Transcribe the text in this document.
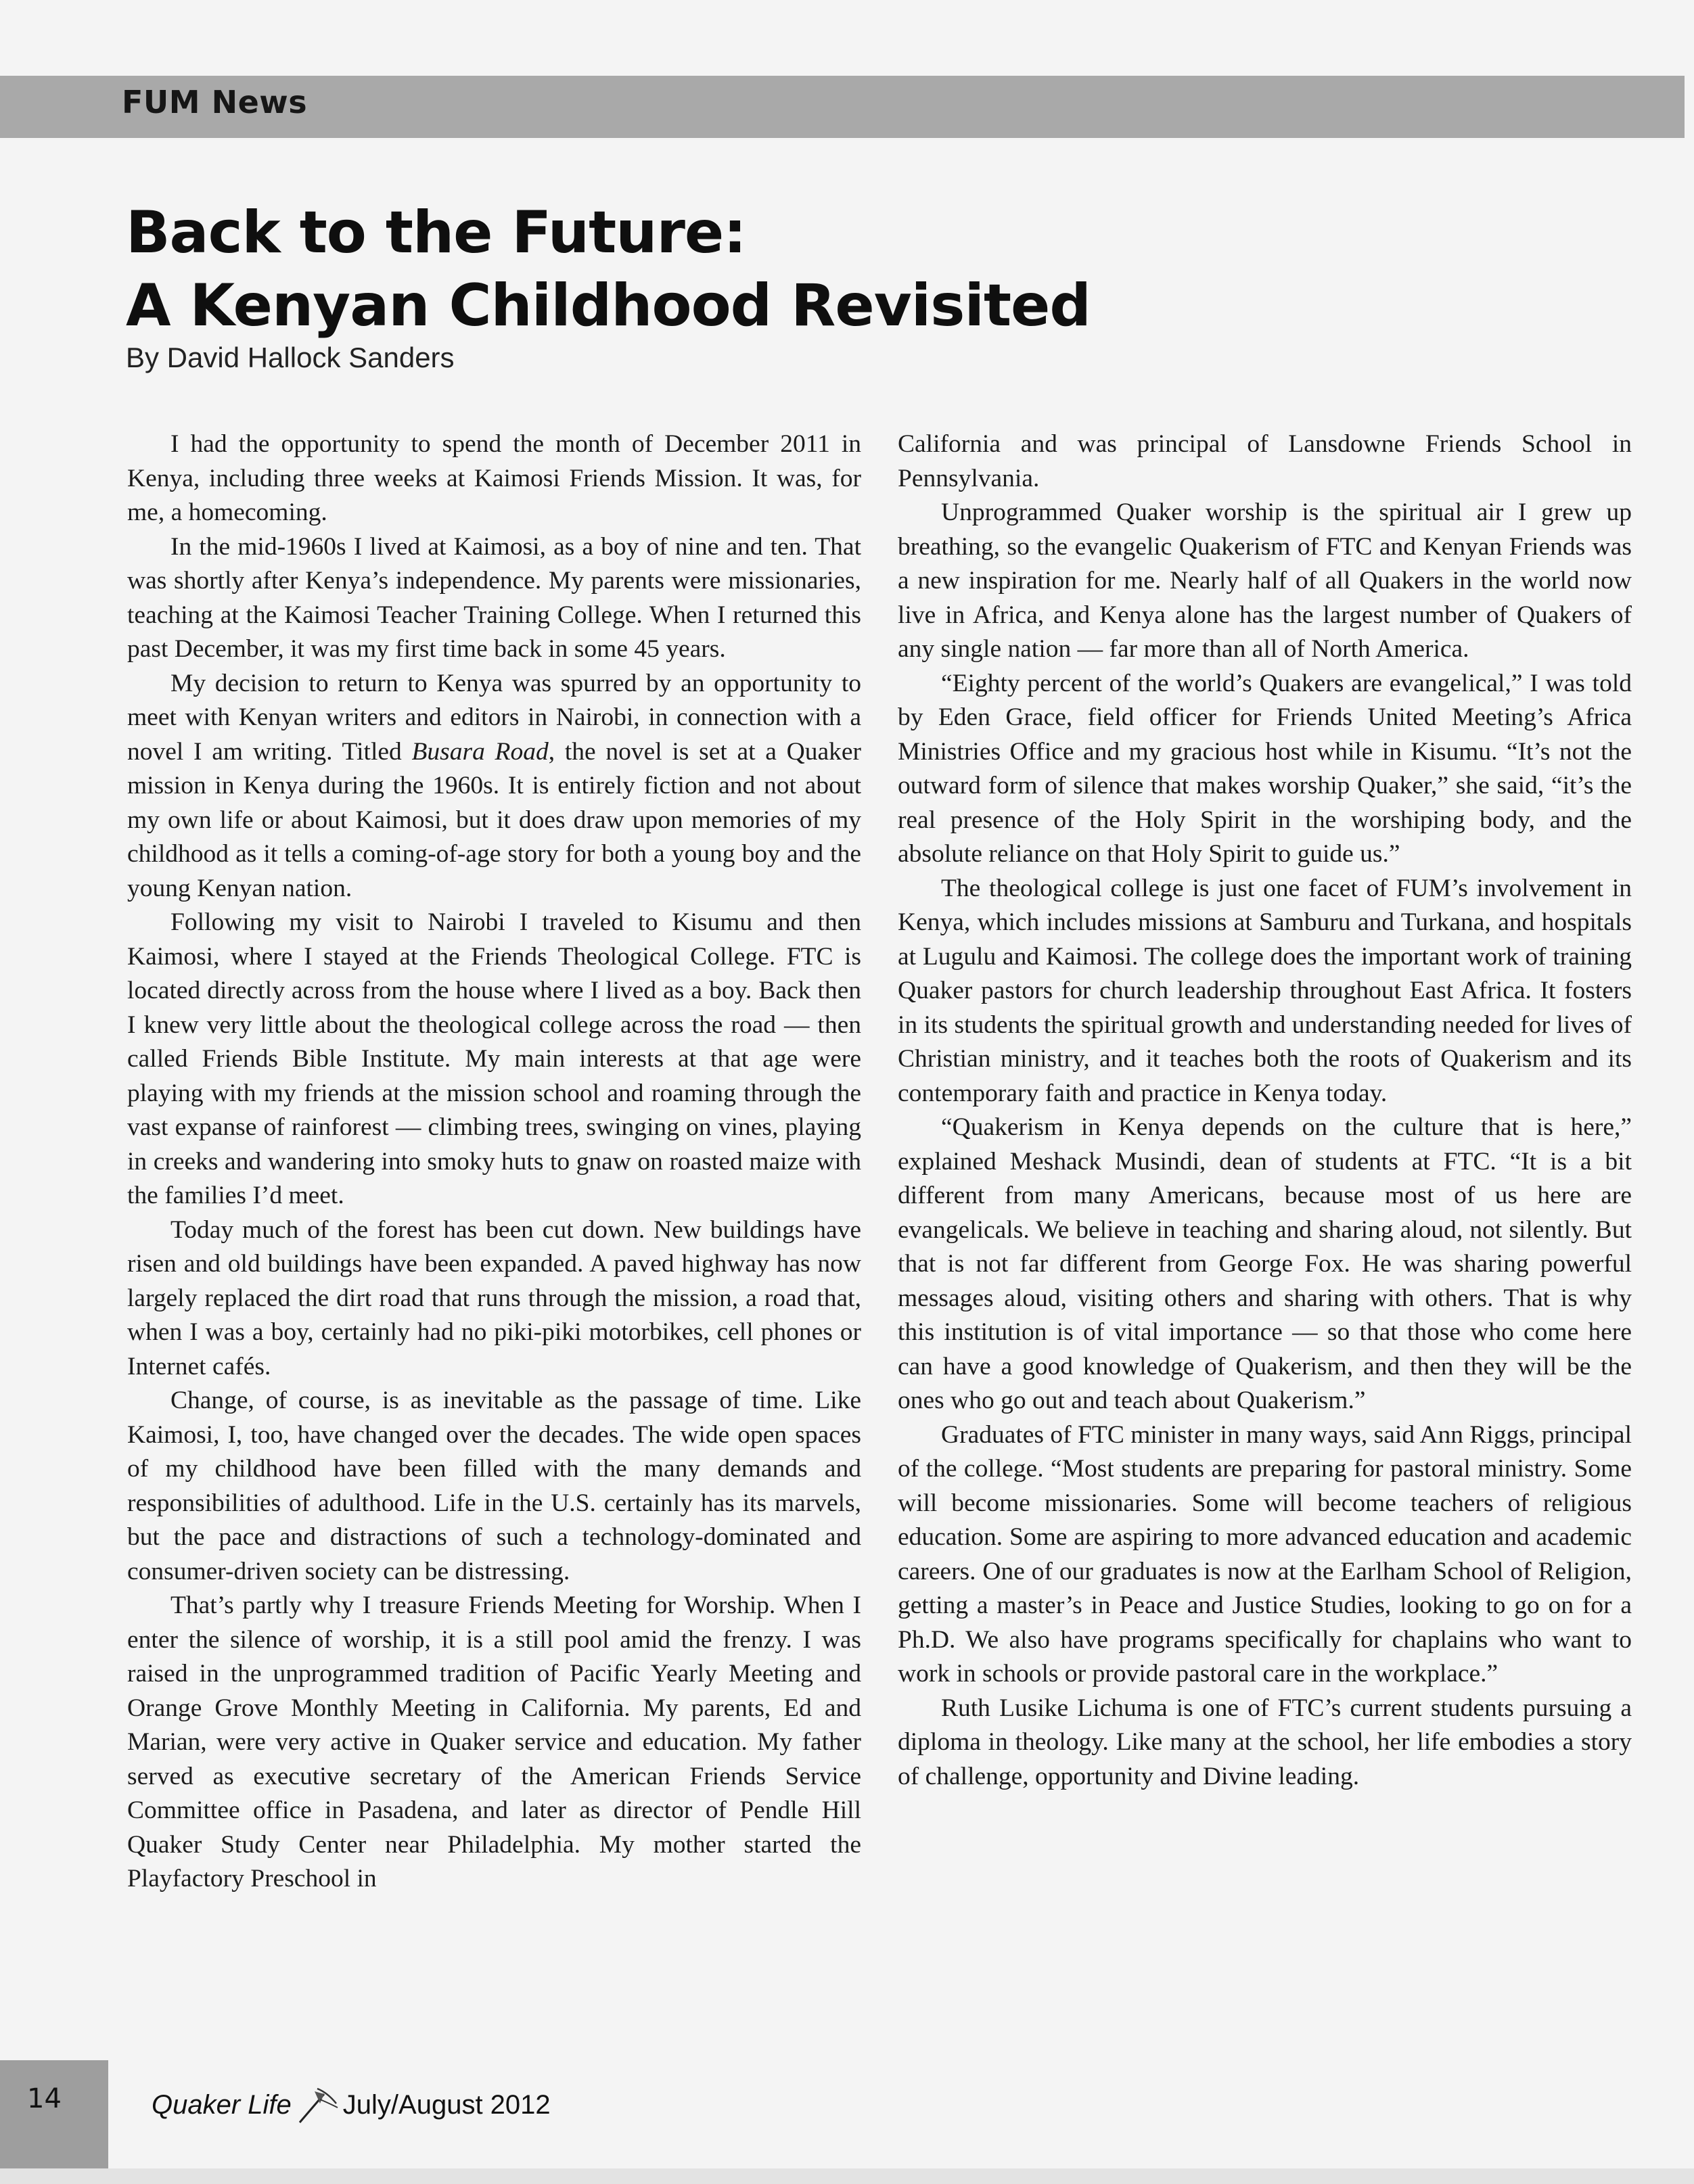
FUM News
Back to the Future:
A Kenyan Childhood Revisited
By David Hallock Sanders

I had the opportunity to spend the month of December 2011 in Kenya, including three weeks at Kaimosi Friends Mission. It was, for me, a homecoming.

In the mid-1960s I lived at Kaimosi, as a boy of nine and ten. That was shortly after Kenya’s independence. My parents were missionaries, teaching at the Kaimosi Teacher Training College. When I returned this past December, it was my first time back in some 45 years.

My decision to return to Kenya was spurred by an opportunity to meet with Kenyan writers and editors in Nairobi, in connection with a novel I am writing. Titled Busara Road, the novel is set at a Quaker mission in Kenya during the 1960s. It is entirely fiction and not about my own life or about Kaimosi, but it does draw upon memories of my childhood as it tells a coming-of-age story for both a young boy and the young Kenyan nation.

Following my visit to Nairobi I traveled to Kisumu and then Kaimosi, where I stayed at the Friends Theological College. FTC is located directly across from the house where I lived as a boy. Back then I knew very little about the theological college across the road — then called Friends Bible Institute. My main interests at that age were playing with my friends at the mission school and roaming through the vast expanse of rainforest — climbing trees, swinging on vines, playing in creeks and wandering into smoky huts to gnaw on roasted maize with the families I’d meet.

Today much of the forest has been cut down. New buildings have risen and old buildings have been expanded. A paved highway has now largely replaced the dirt road that runs through the mission, a road that, when I was a boy, certainly had no piki-piki motorbikes, cell phones or Internet cafés.

Change, of course, is as inevitable as the passage of time. Like Kaimosi, I, too, have changed over the decades. The wide open spaces of my childhood have been filled with the many demands and responsibilities of adulthood. Life in the U.S. certainly has its marvels, but the pace and distractions of such a technology-dominated and consumer-driven society can be distressing.

That’s partly why I treasure Friends Meeting for Worship. When I enter the silence of worship, it is a still pool amid the frenzy. I was raised in the unprogrammed tradition of Pacific Yearly Meeting and Orange Grove Monthly Meeting in California. My parents, Ed and Marian, were very active in Quaker service and education. My father served as executive secretary of the American Friends Service Committee office in Pasadena, and later as director of Pendle Hill Quaker Study Center near Philadelphia. My mother started the Playfactory Preschool in

California and was principal of Lansdowne Friends School in Pennsylvania.

Unprogrammed Quaker worship is the spiritual air I grew up breathing, so the evangelic Quakerism of FTC and Kenyan Friends was a new inspiration for me. Nearly half of all Quakers in the world now live in Africa, and Kenya alone has the largest number of Quakers of any single nation — far more than all of North America.

“Eighty percent of the world’s Quakers are evangelical,” I was told by Eden Grace, field officer for Friends United Meeting’s Africa Ministries Office and my gracious host while in Kisumu. “It’s not the outward form of silence that makes worship Quaker,” she said, “it’s the real presence of the Holy Spirit in the worshiping body, and the absolute reliance on that Holy Spirit to guide us.”

The theological college is just one facet of FUM’s involvement in Kenya, which includes missions at Samburu and Turkana, and hospitals at Lugulu and Kaimosi. The college does the important work of training Quaker pastors for church leadership throughout East Africa. It fosters in its students the spiritual growth and understanding needed for lives of Christian ministry, and it teaches both the roots of Quakerism and its contemporary faith and practice in Kenya today.

“Quakerism in Kenya depends on the culture that is here,” explained Meshack Musindi, dean of students at FTC. “It is a bit different from many Americans, because most of us here are evangelicals. We believe in teaching and sharing aloud, not silently. But that is not far different from George Fox. He was sharing powerful messages aloud, visiting others and sharing with others. That is why this institution is of vital importance — so that those who come here can have a good knowledge of Quakerism, and then they will be the ones who go out and teach about Quakerism.”

Graduates of FTC minister in many ways, said Ann Riggs, principal of the college. “Most students are preparing for pastoral ministry. Some will become missionaries. Some will become teachers of religious education. Some are aspiring to more advanced education and academic careers. One of our graduates is now at the Earlham School of Religion, getting a master’s in Peace and Justice Studies, looking to go on for a Ph.D. We also have programs specifically for chaplains who want to work in schools or provide pastoral care in the workplace.”

Ruth Lusike Lichuma is one of FTC’s current students pursuing a diploma in theology. Like many at the school, her life embodies a story of challenge, opportunity and Divine leading.

14	Quaker Life July/August 2012
